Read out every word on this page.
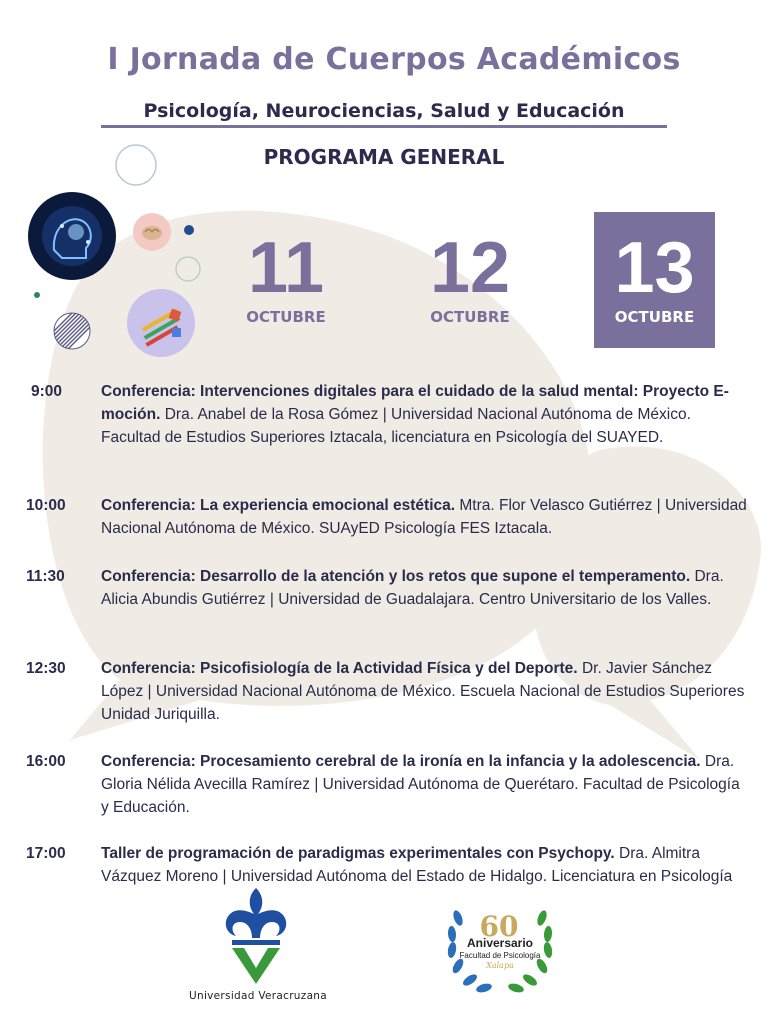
I Jornada de Cuerpos Académicos
Psicología, Neurociencias, Salud y Educación
PROGRAMA GENERAL
11
OCTUBRE
12
OCTUBRE
13
OCTUBRE
9:00	Conferencia: Intervenciones digitales para el cuidado de la salud mental: Proyecto E-moción. Dra. Anabel de la Rosa Gómez | Universidad Nacional Autónoma de México. Facultad de Estudios Superiores Iztacala, licenciatura en Psicología del SUAYED.
10:00	Conferencia: La experiencia emocional estética. Mtra. Flor Velasco Gutiérrez | Universidad Nacional Autónoma de México. SUAyED Psicología FES Iztacala.
11:30	Conferencia: Desarrollo de la atención y los retos que supone el temperamento. Dra. Alicia Abundis Gutiérrez | Universidad de Guadalajara. Centro Universitario de los Valles.
12:30	Conferencia: Psicofisiología de la Actividad Física y del Deporte. Dr. Javier Sánchez López | Universidad Nacional Autónoma de México. Escuela Nacional de Estudios Superiores Unidad Juriquilla.
16:00	Conferencia: Procesamiento cerebral de la ironía en la infancia y la adolescencia. Dra. Gloria Nélida Avecilla Ramírez | Universidad Autónoma de Querétaro. Facultad de Psicología y Educación.
17:00	Taller de programación de paradigmas experimentales con Psychopy. Dra. Almitra Vázquez Moreno | Universidad Autónoma del Estado de Hidalgo. Licenciatura en Psicología
Universidad Veracruzana
60
Aniversario
Facultad de Psicología
Xalapa
